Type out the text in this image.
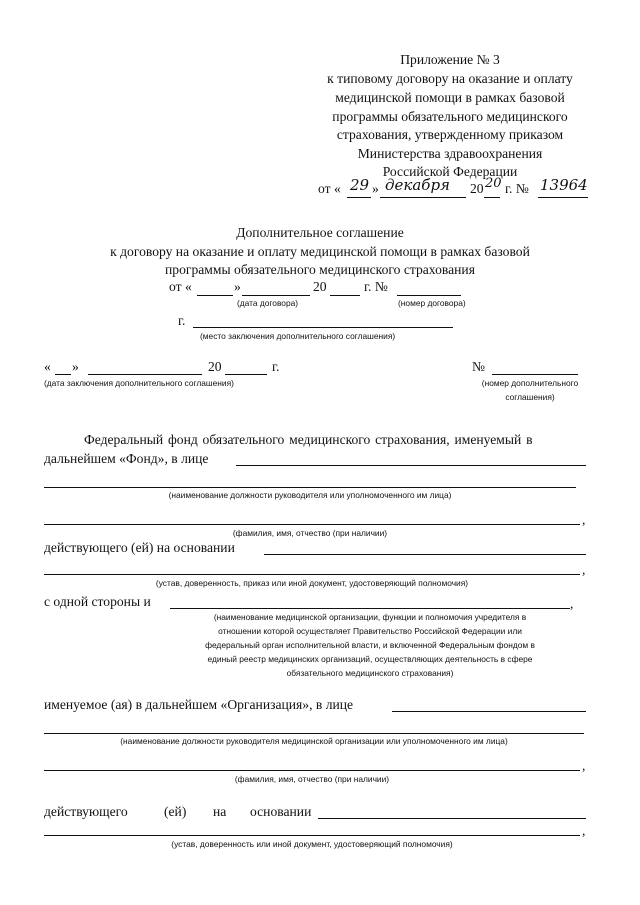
Приложение № 3
к типовому договору на оказание и оплату
медицинской помощи в рамках базовой
программы обязательного медицинского
страхования, утвержденному приказом
Министерства здравоохранения
Российской Федерации
от « 29 » декабря 20 20 г. № 13964
Дополнительное соглашение
к договору на оказание и оплату медицинской помощи в рамках базовой
программы обязательного медицинского страхования
от «	»	20	г. №
(дата договора)	(номер договора)
г.
(место заключения дополнительного соглашения)
« »	20	г.
(дата заключения дополнительного соглашения)
№
(номер дополнительного
соглашения)
Федеральный фонд обязательного медицинского страхования, именуемый в
дальнейшем «Фонд», в лице
(наименование должности руководителя или уполномоченного им лица)
,
(фамилия, имя, отчество (при наличии)
действующего (ей) на основании
,
(устав, доверенность, приказ или иной документ, удостоверяющий полномочия)
с одной стороны и	,
(наименование медицинской организации, функции и полномочия учредителя в
отношении которой осуществляет Правительство Российской Федерации или
федеральный орган исполнительной власти, и включенной Федеральным фондом в
единый реестр медицинских организаций, осуществляющих деятельность в сфере
обязательного медицинского страхования)
именуемое (ая) в дальнейшем «Организация», в лице
(наименование должности руководителя медицинской организации или уполномоченного им лица)
,
(фамилия, имя, отчество (при наличии)
действующего	(ей) на основании
,
(устав, доверенность или иной документ, удостоверяющий полномочия)
